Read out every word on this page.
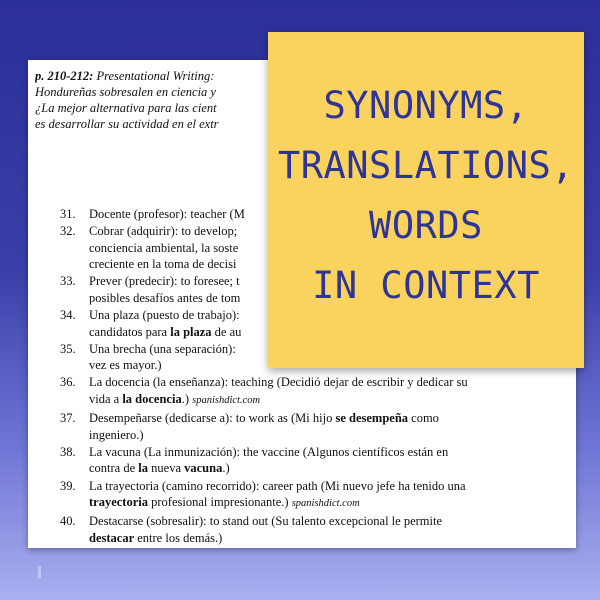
p. 210-212: Presentational Writing:
Hondureñas sobresalen en ciencia y
¿La mejor alternativa para las cient
es desarrollar su actividad en el extr
31. Docente (profesor): teacher (M
32. Cobrar (adquirir): to develop;
conciencia ambiental, la soste
creciente en la toma de decisi
33. Prever (predecir): to foresee; t
posibles desafíos antes de tom
34. Una plaza (puesto de trabajo):
candidatos para la plaza de au
35. Una brecha (una separación):
vez es mayor.)
36. La docencia (la enseñanza): teaching (Decidió dejar de escribir y dedicar su
vida a la docencia.) spanishdict.com
37. Desempeñarse (dedicarse a): to work as (Mi hijo se desempeña como
ingeniero.)
38. La vacuna (La inmunización): the vaccine (Algunos científicos están en
contra de la nueva vacuna.)
39. La trayectoria (camino recorrido): career path (Mi nuevo jefe ha tenido una
trayectoria profesional impresionante.) spanishdict.com
40. Destacarse (sobresalir): to stand out (Su talento excepcional le permite
destacar entre los demás.)
SYNONYMS,
TRANSLATIONS,
WORDS
IN CONTEXT
